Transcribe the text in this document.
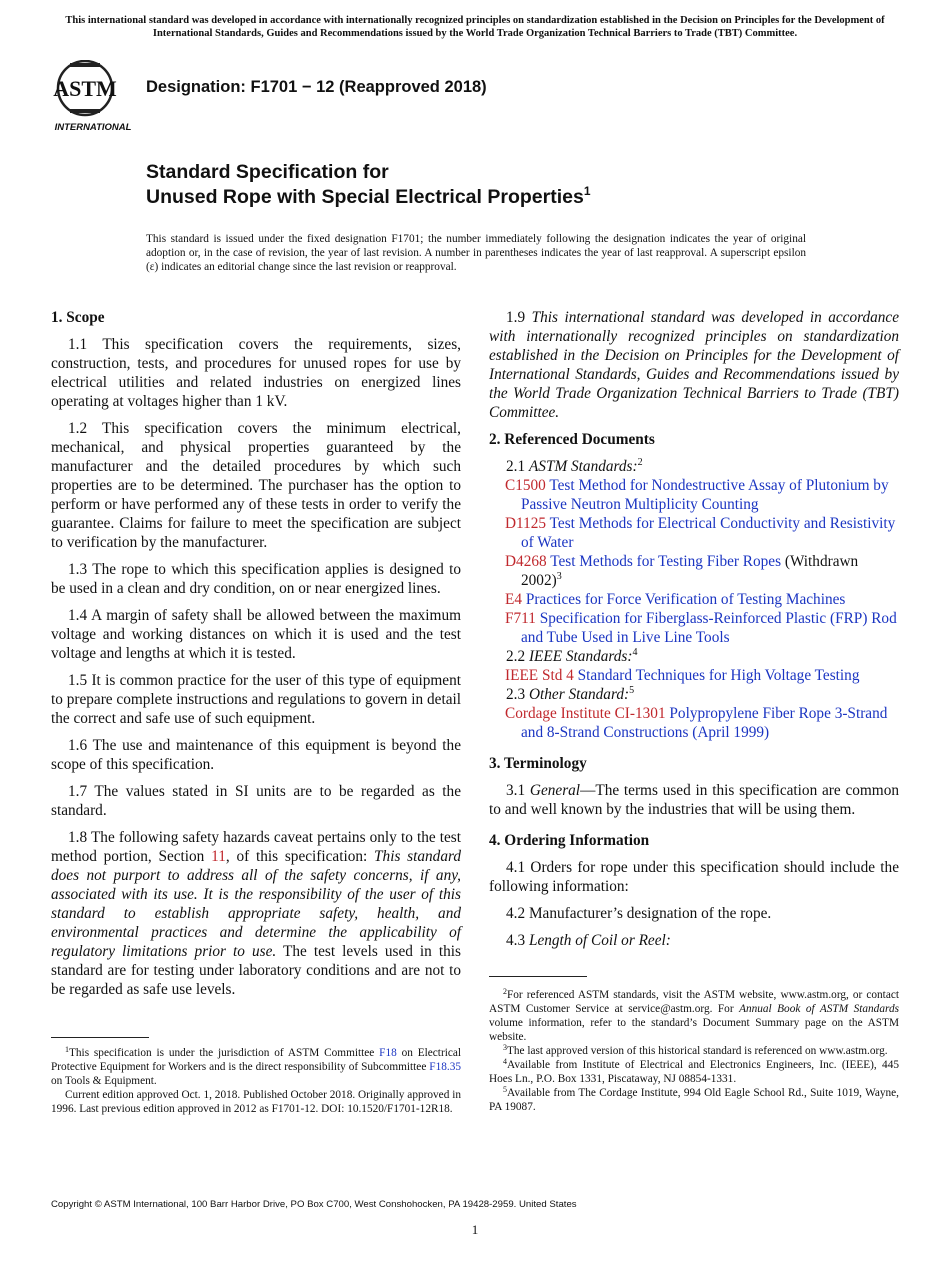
This international standard was developed in accordance with internationally recognized principles on standardization established in the Decision on Principles for the Development of International Standards, Guides and Recommendations issued by the World Trade Organization Technical Barriers to Trade (TBT) Committee.
ASTM
INTERNATIONAL
Designation: F1701 − 12 (Reapproved 2018)
Standard Specification for
Unused Rope with Special Electrical Properties$^1$
This standard is issued under the fixed designation F1701; the number immediately following the designation indicates the year of original adoption or, in the case of revision, the year of last revision. A number in parentheses indicates the year of last reapproval. A superscript epsilon (ε) indicates an editorial change since the last revision or reapproval.
1. Scope

1.1 This specification covers the requirements, sizes, construction, tests, and procedures for unused ropes for use by electrical utilities and related industries on energized lines operating at voltages higher than 1 kV.

1.2 This specification covers the minimum electrical, mechanical, and physical properties guaranteed by the manufacturer and the detailed procedures by which such properties are to be determined. The purchaser has the option to perform or have performed any of these tests in order to verify the guarantee. Claims for failure to meet the specification are subject to verification by the manufacturer.

1.3 The rope to which this specification applies is designed to be used in a clean and dry condition, on or near energized lines.

1.4 A margin of safety shall be allowed between the maximum voltage and working distances on which it is used and the test voltage and lengths at which it is tested.

1.5 It is common practice for the user of this type of equipment to prepare complete instructions and regulations to govern in detail the correct and safe use of such equipment.

1.6 The use and maintenance of this equipment is beyond the scope of this specification.

1.7 The values stated in SI units are to be regarded as the standard.

1.8 The following safety hazards caveat pertains only to the test method portion, Section 11, of this specification: This standard does not purport to address all of the safety concerns, if any, associated with its use. It is the responsibility of the user of this standard to establish appropriate safety, health, and environmental practices and determine the applicability of regulatory limitations prior to use. The test levels used in this standard are for testing under laboratory conditions and are not to be regarded as safe use levels.

$^1$This specification is under the jurisdiction of ASTM Committee F18 on Electrical Protective Equipment for Workers and is the direct responsibility of Subcommittee F18.35 on Tools & Equipment.

Current edition approved Oct. 1, 2018. Published October 2018. Originally approved in 1996. Last previous edition approved in 2012 as F1701-12. DOI: 10.1520/F1701-12R18.

1.9 This international standard was developed in accordance with internationally recognized principles on standardization established in the Decision on Principles for the Development of International Standards, Guides and Recommendations issued by the World Trade Organization Technical Barriers to Trade (TBT) Committee.

2. Referenced Documents
2.1 ASTM Standards:$^2$
C1500 Test Method for Nondestructive Assay of Plutonium by Passive Neutron Multiplicity Counting
D1125 Test Methods for Electrical Conductivity and Resistivity of Water
D4268 Test Methods for Testing Fiber Ropes (Withdrawn 2002)$^3$
E4 Practices for Force Verification of Testing Machines
F711 Specification for Fiberglass-Reinforced Plastic (FRP) Rod and Tube Used in Live Line Tools
2.2 IEEE Standards:$^4$
IEEE Std 4 Standard Techniques for High Voltage Testing
2.3 Other Standard:$^5$
Cordage Institute CI-1301 Polypropylene Fiber Rope 3-Strand and 8-Strand Constructions (April 1999)
3. Terminology

3.1 General—The terms used in this specification are common to and well known by the industries that will be using them.

4. Ordering Information

4.1 Orders for rope under this specification should include the following information:

4.2 Manufacturer’s designation of the rope.

4.3 Length of Coil or Reel:

$^2$For referenced ASTM standards, visit the ASTM website, www.astm.org, or contact ASTM Customer Service at service@astm.org. For Annual Book of ASTM Standards volume information, refer to the standard’s Document Summary page on the ASTM website.

$^3$The last approved version of this historical standard is referenced on www.astm.org.

$^4$Available from Institute of Electrical and Electronics Engineers, Inc. (IEEE), 445 Hoes Ln., P.O. Box 1331, Piscataway, NJ 08854-1331.

$^5$Available from The Cordage Institute, 994 Old Eagle School Rd., Suite 1019, Wayne, PA 19087.

Copyright © ASTM International, 100 Barr Harbor Drive, PO Box C700, West Conshohocken, PA 19428-2959. United States
1
